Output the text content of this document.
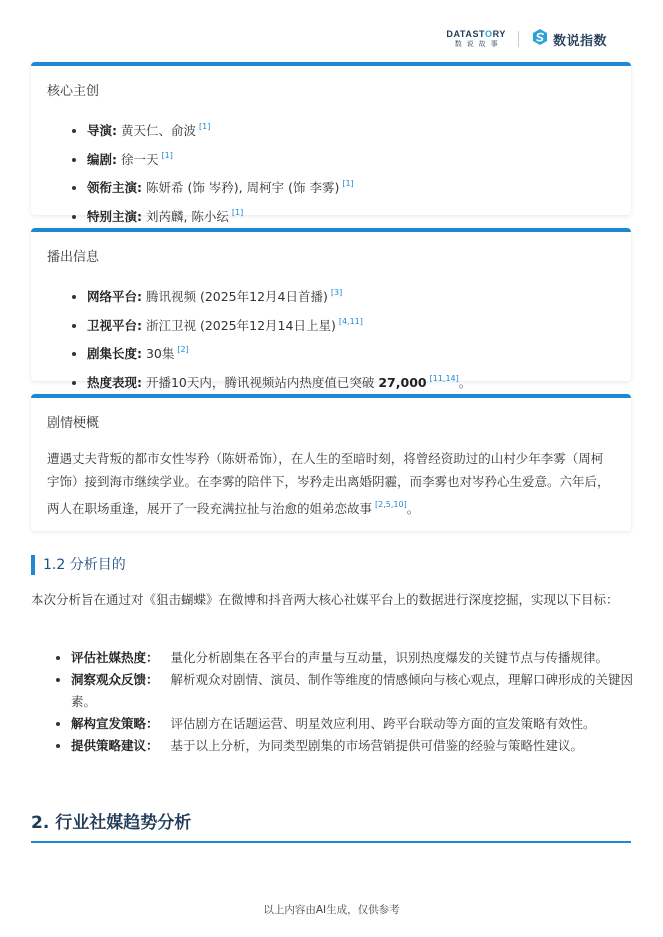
DATASTORY
数说故事	数说指数
核心主创
• 导演: 黄天仁、俞波 [1]
• 编剧: 徐一天 [1]
• 领衔主演: 陈妍希 (饰 岑矜), 周柯宇 (饰 李雾) [1]
• 特别主演: 刘芮麟, 陈小纭 [1]
播出信息
• 网络平台: 腾讯视频 (2025年12月4日首播) [3]
• 卫视平台: 浙江卫视 (2025年12月14日上星) [4,11]
• 剧集长度: 30集 [2]
• 热度表现: 开播10天内，腾讯视频站内热度值已突破 27,000 [11,14]。
剧情梗概

遭遇丈夫背叛的都市女性岑矜（陈妍希饰），在人生的至暗时刻，将曾经资助过的山村少年李雾（周柯宇饰）接到海市继续学业。在李雾的陪伴下，岑矜走出离婚阴霾，而李雾也对岑矜心生爱意。六年后，两人在职场重逢，展开了一段充满拉扯与治愈的姐弟恋故事 [2,5,10]。

1.2 分析目的

本次分析旨在通过对《狙击蝴蝶》在微博和抖音两大核心社媒平台上的数据进行深度挖掘，实现以下目标：

• 评估社媒热度： 量化分析剧集在各平台的声量与互动量，识别热度爆发的关键节点与传播规律。
• 洞察观众反馈： 解析观众对剧情、演员、制作等维度的情感倾向与核心观点，理解口碑形成的关键因素。
• 解构宣发策略： 评估剧方在话题运营、明星效应利用、跨平台联动等方面的宣发策略有效性。
• 提供策略建议： 基于以上分析，为同类型剧集的市场营销提供可借鉴的经验与策略性建议。
2. 行业社媒趋势分析
以上内容由AI生成，仅供参考
